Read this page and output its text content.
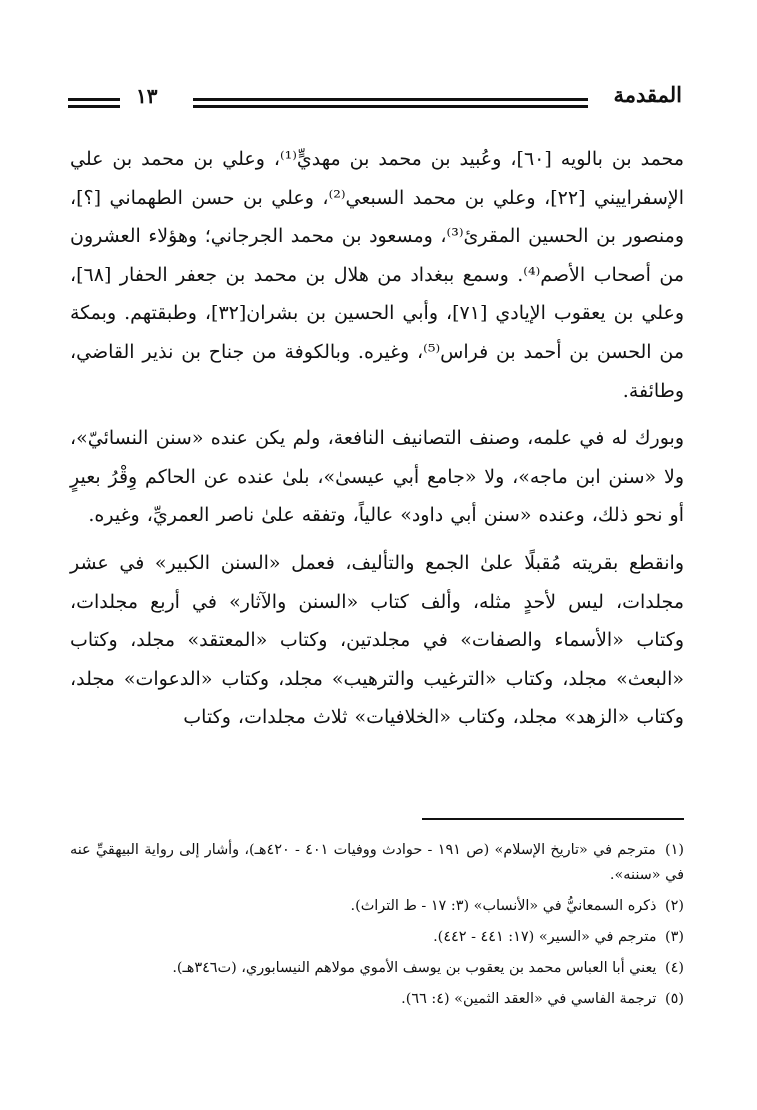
١٣	المقدمة

محمد بن بالويه [٦٠]، وعُبيد بن محمد بن مهديٍّ⁽¹⁾، وعلي بن محمد بن علي الإسفراييني [٢٢]، وعلي بن محمد السبعي⁽²⁾، وعلي بن حسن الطهماني [؟]، ومنصور بن الحسين المقرئ⁽³⁾، ومسعود بن محمد الجرجاني؛ وهؤلاء العشرون من أصحاب الأصم⁽⁴⁾. وسمع ببغداد من هلال بن محمد بن جعفر الحفار [٦٨]، وعلي بن يعقوب الإيادي [٧١]، وأبي الحسين بن بشران[٣٢]، وطبقتهم. وبمكة من الحسن بن أحمد بن فراس⁽⁵⁾، وغيره. وبالكوفة من جناح بن نذير القاضي، وطائفة.

وبورك له في علمه، وصنف التصانيف النافعة، ولم يكن عنده «سنن النسائيّ»، ولا «سنن ابن ماجه»، ولا «جامع أبي عيسىٰ»، بلىٰ عنده عن الحاكم وِقْرُ بعيرٍ أو نحو ذلك، وعنده «سنن أبي داود» عالياً، وتفقه علىٰ ناصر العمريِّ، وغيره.

وانقطع بقريته مُقبلًا علىٰ الجمع والتأليف، فعمل «السنن الكبير» في عشر مجلدات، ليس لأحدٍ مثله، وألف كتاب «السنن والآثار» في أربع مجلدات، وكتاب «الأسماء والصفات» في مجلدتين، وكتاب «المعتقد» مجلد، وكتاب «البعث» مجلد، وكتاب «الترغيب والترهيب» مجلد، وكتاب «الدعوات» مجلد، وكتاب «الزهد» مجلد، وكتاب «الخلافيات» ثلاث مجلدات، وكتاب

(١) مترجم في «تاريخ الإسلام» (ص ١٩١ - حوادث ووفيات ٤٠١ - ٤٢٠هـ)، وأشار إلى رواية البيهقيِّ عنه في «سننه».

(٢) ذكره السمعانيُّ في «الأنساب» (٣: ١٧ - ط التراث).

(٣) مترجم في «السير» (١٧: ٤٤١ - ٤٤٢).

(٤) يعني أبا العباس محمد بن يعقوب بن يوسف الأموي مولاهم النيسابوري، (ت٣٤٦هـ).

(٥) ترجمة الفاسي في «العقد الثمين» (٤: ٦٦).
